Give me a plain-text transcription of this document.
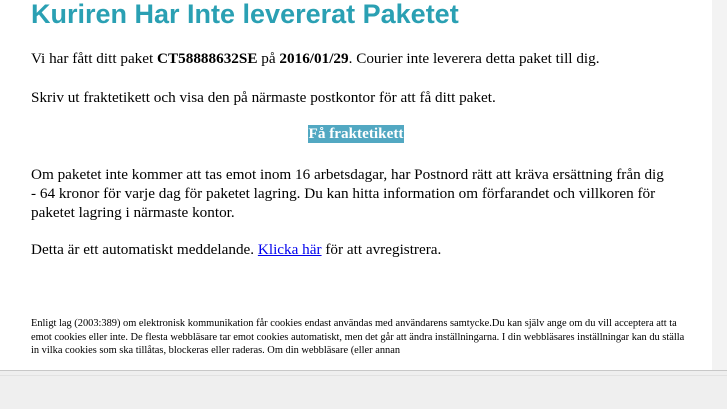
Kuriren Har Inte levererat Paketet

Vi har fått ditt paket CT58888632SE på 2016/01/29. Courier inte leverera detta paket till dig.

Skriv ut fraktetikett och visa den på närmaste postkontor för att få ditt paket.

Få fraktetikett

Om paketet inte kommer att tas emot inom 16 arbetsdagar, har Postnord rätt att kräva ersättning från dig - 64 kronor för varje dag för paketet lagring. Du kan hitta information om förfarandet och villkoren för paketet lagring i närmaste kontor.

Detta är ett automatiskt meddelande. Klicka här för att avregistrera.

Enligt lag (2003:389) om elektronisk kommunikation får cookies endast användas med användarens samtycke.Du kan själv ange om du vill acceptera att ta emot cookies eller inte. De flesta webbläsare tar emot cookies automatiskt, men det går att ändra inställningarna. I din webbläsares inställningar kan du ställa in vilka cookies som ska tillåtas, blockeras eller raderas. Om din webbläsare (eller annan
